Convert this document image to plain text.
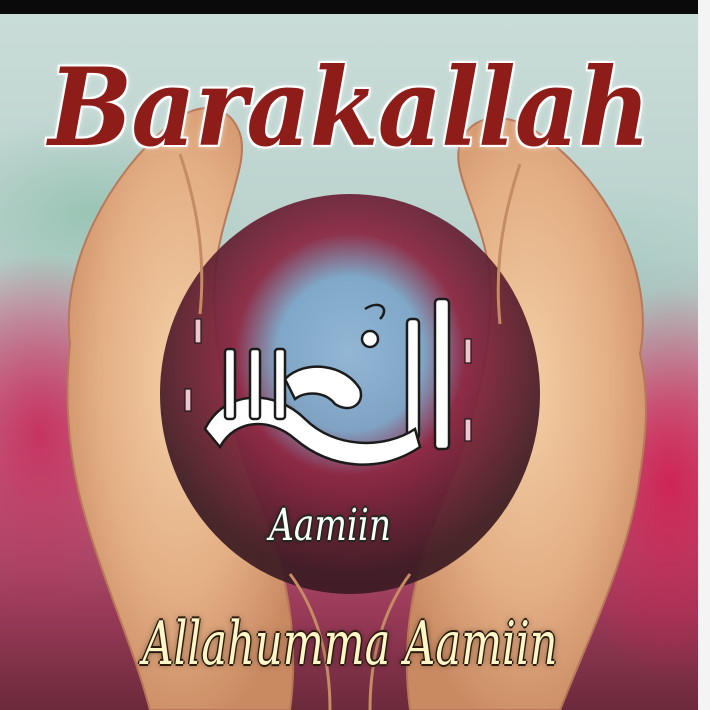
Barakallah
Aamiin
Allahumma Aamiin
